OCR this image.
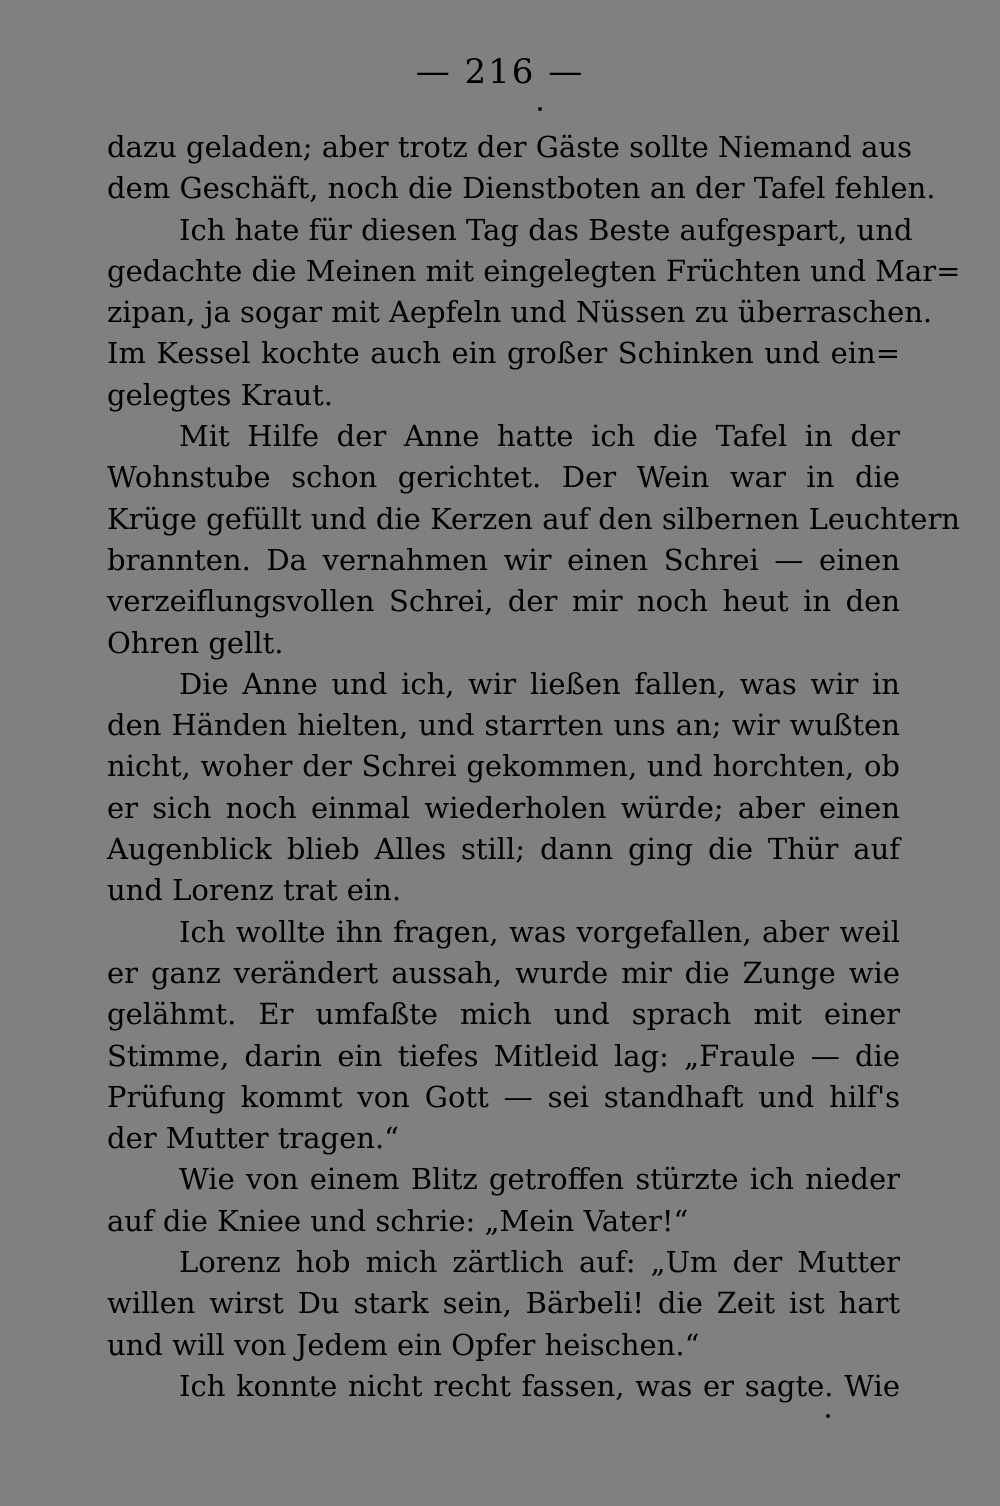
— 216 —
dazu geladen; aber trotz der Gäste sollte Niemand aus
dem Geschäft, noch die Dienstboten an der Tafel fehlen.
Ich hate für diesen Tag das Beste aufgespart, und
gedachte die Meinen mit eingelegten Früchten und Mar=
zipan, ja sogar mit Aepfeln und Nüssen zu überraschen.
Im Kessel kochte auch ein großer Schinken und ein=
gelegtes Kraut.
Mit Hilfe der Anne hatte ich die Tafel in der
Wohnstube schon gerichtet. Der Wein war in die
Krüge gefüllt und die Kerzen auf den silbernen Leuchtern
brannten. Da vernahmen wir einen Schrei — einen
verzeiflungsvollen Schrei, der mir noch heut in den
Ohren gellt.
Die Anne und ich, wir ließen fallen, was wir in
den Händen hielten, und starrten uns an; wir wußten
nicht, woher der Schrei gekommen, und horchten, ob
er sich noch einmal wiederholen würde; aber einen
Augenblick blieb Alles still; dann ging die Thür auf
und Lorenz trat ein.
Ich wollte ihn fragen, was vorgefallen, aber weil
er ganz verändert aussah, wurde mir die Zunge wie
gelähmt. Er umfaßte mich und sprach mit einer
Stimme, darin ein tiefes Mitleid lag: „Fraule — die
Prüfung kommt von Gott — sei standhaft und hilf's
der Mutter tragen.“
Wie von einem Blitz getroffen stürzte ich nieder
auf die Kniee und schrie: „Mein Vater!“
Lorenz hob mich zärtlich auf: „Um der Mutter
willen wirst Du stark sein, Bärbeli! die Zeit ist hart
und will von Jedem ein Opfer heischen.“
Ich konnte nicht recht fassen, was er sagte. Wie
